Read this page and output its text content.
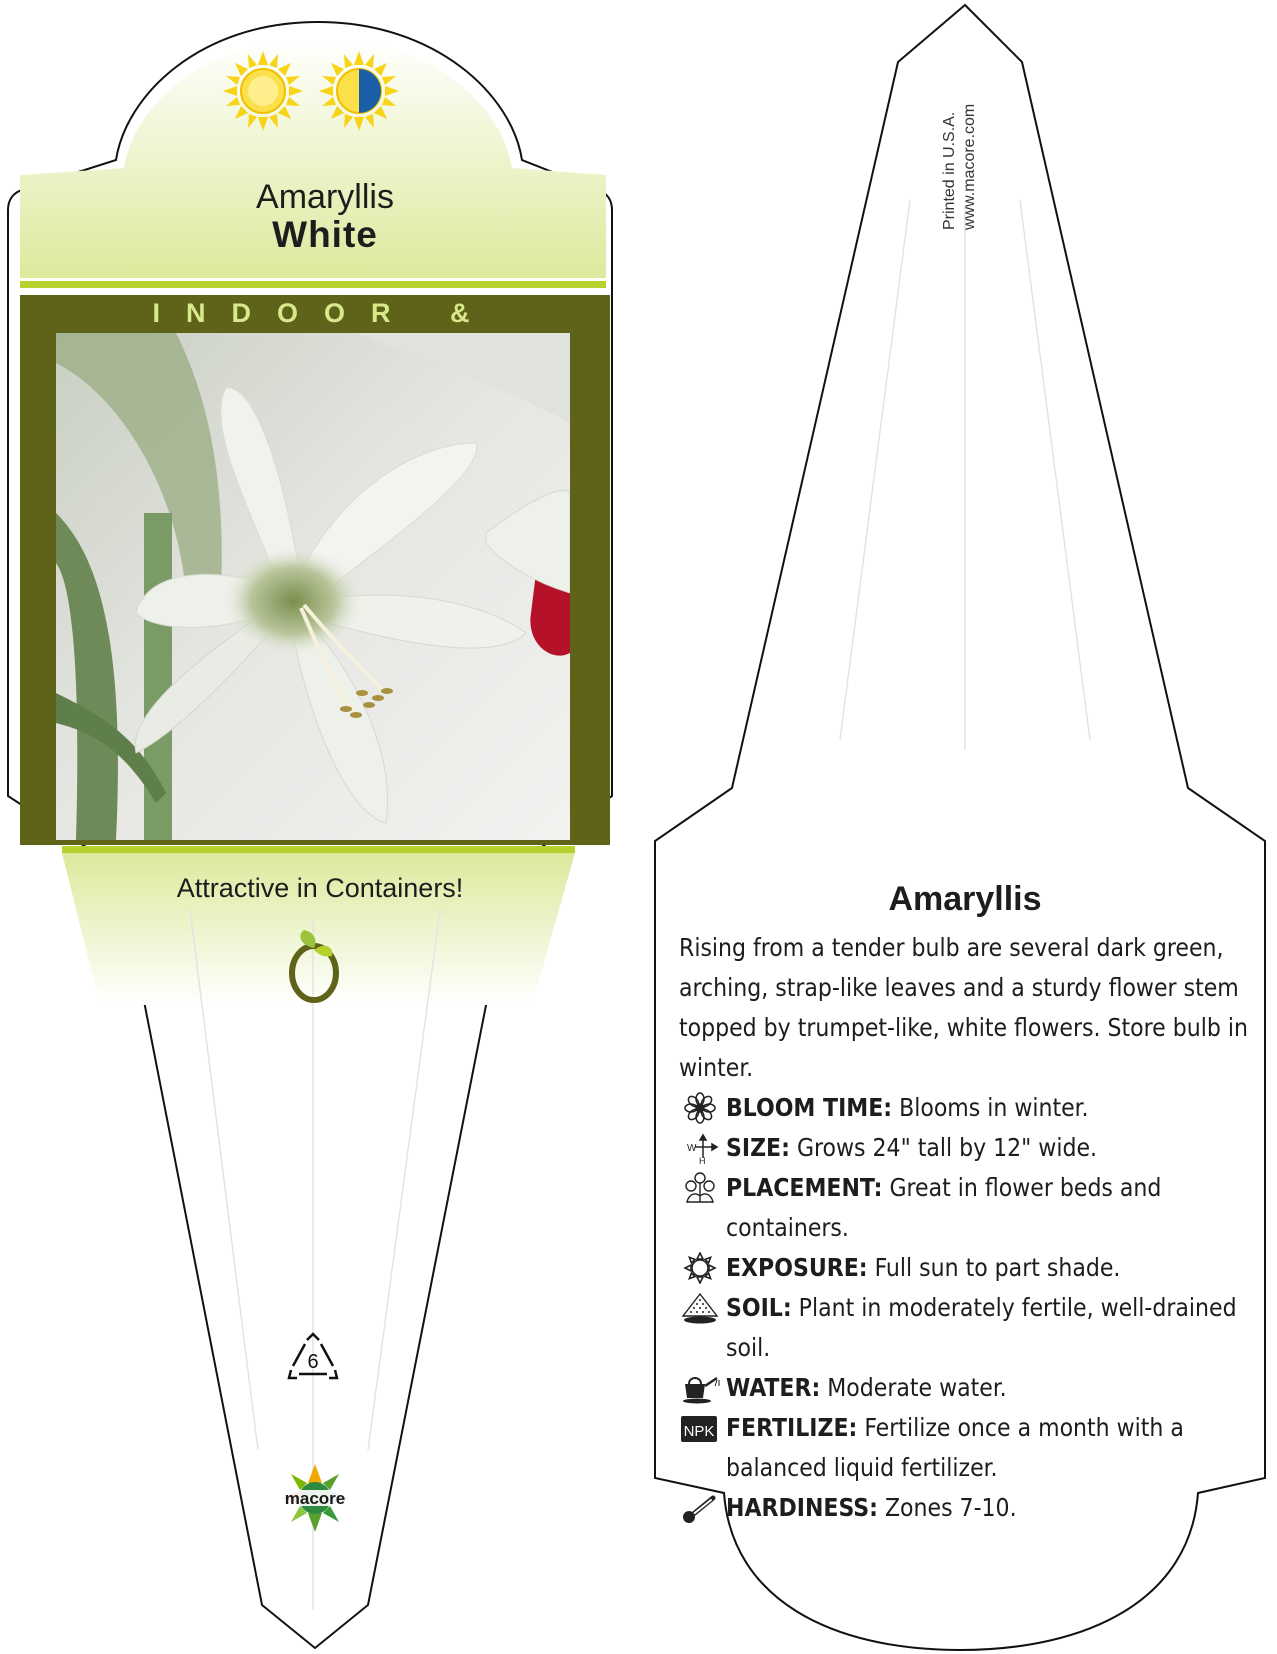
Amaryllis
White
INDOOR &
Attractive in Containers!
6
macore
Printed in U.S.A. www.macore.com
Amaryllis

Rising from a tender bulb are several dark green, arching, strap-like leaves and a sturdy flower stem topped by trumpet-like, white flowers. Store bulb in winter.

BLOOM TIME: Blooms in winter.

W
H SIZE: Grows 24" tall by 12" wide.

PLACEMENT: Great in flower beds and containers.

EXPOSURE: Full sun to part shade.

SOIL: Plant in moderately fertile, well-drained soil.

WATER: Moderate water.

NPK FERTILIZE: Fertilize once a month with a balanced liquid fertilizer.

HARDINESS: Zones 7-10.
